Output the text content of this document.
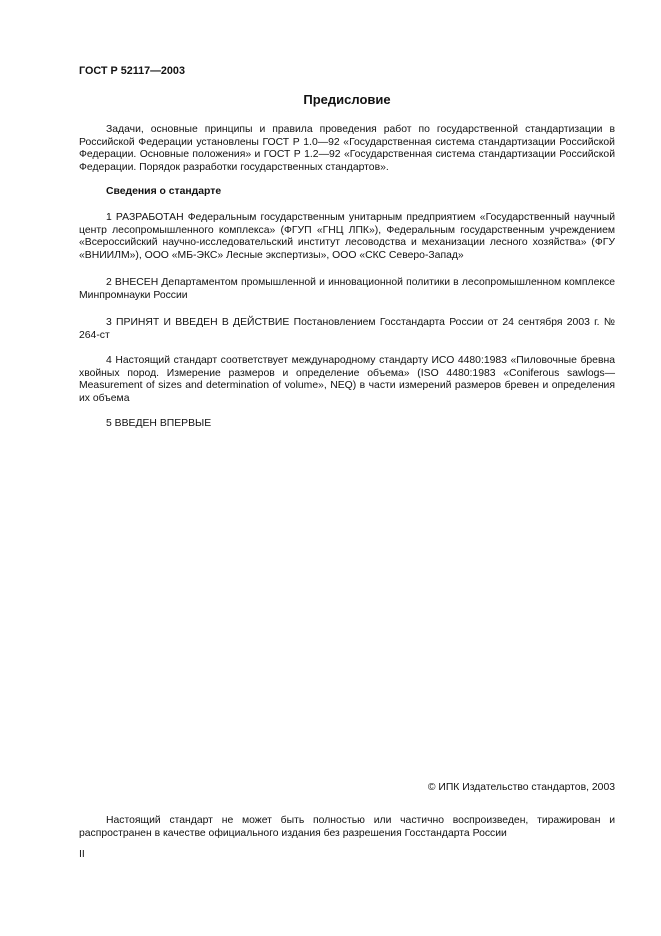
ГОСТ Р 52117—2003
Предисловие
Задачи, основные принципы и правила проведения работ по государственной стандартизации в Российской Федерации установлены ГОСТ Р 1.0—92 «Государственная система стандартизации Российской Федерации. Основные положения» и ГОСТ Р 1.2—92 «Государственная система стандартизации Российской Федерации. Порядок разработки государственных стандартов».
Сведения о стандарте
1 РАЗРАБОТАН Федеральным государственным унитарным предприятием «Государственный научный центр лесопромышленного комплекса» (ФГУП «ГНЦ ЛПК»), Федеральным государственным учреждением «Всероссийский научно-исследовательский институт лесоводства и механизации лесного хозяйства» (ФГУ «ВНИИЛМ»), ООО «МБ-ЭКС» Лесные экспертизы», ООО «СКС Северо-Запад»
2 ВНЕСЕН Департаментом промышленной и инновационной политики в лесопромышленном комплексе Минпромнауки России
3 ПРИНЯТ И ВВЕДЕН В ДЕЙСТВИЕ Постановлением Госстандарта России от 24 сентября 2003 г. № 264-ст
4 Настоящий стандарт соответствует международному стандарту ИСО 4480:1983 «Пиловочные бревна хвойных пород. Измерение размеров и определение объема» (ISO 4480:1983 «Coniferous sawlogs—Measurement of sizes and determination of volume», NEQ) в части измерений размеров бревен и определения их объема
5 ВВЕДЕН ВПЕРВЫЕ
© ИПК Издательство стандартов, 2003
Настоящий стандарт не может быть полностью или частично воспроизведен, тиражирован и распространен в качестве официального издания без разрешения Госстандарта России
II
